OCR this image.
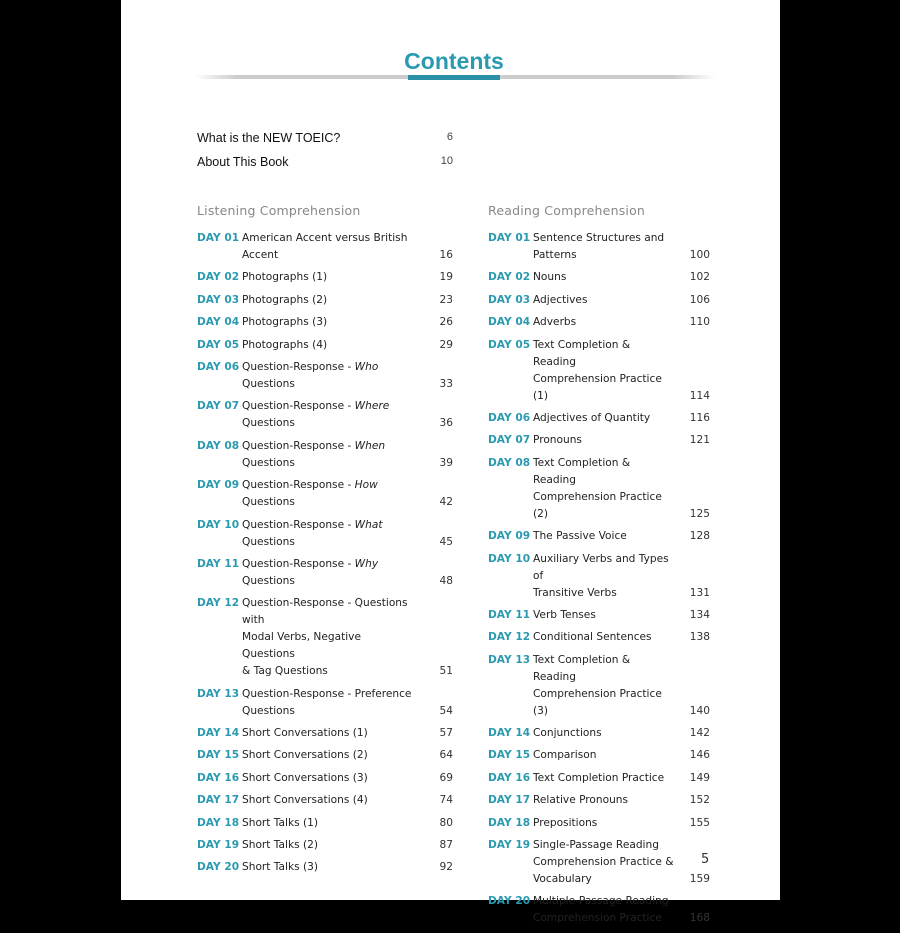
Contents
What is the NEW TOEIC?	6
About This Book	10
Listening Comprehension
DAY 01 American Accent versus British Accent	16
DAY 02 Photographs (1)	19
DAY 03 Photographs (2)	23
DAY 04 Photographs (3)	26
DAY 05 Photographs (4)	29
DAY 06 Question-Response - Who Questions	33
DAY 07 Question-Response - Where Questions	36
DAY 08 Question-Response - When Questions	39
DAY 09 Question-Response - How Questions	42
DAY 10 Question-Response - What Questions	45
DAY 11 Question-Response - Why Questions	48
DAY 12 Question-Response - Questions with
Modal Verbs, Negative Questions
& Tag Questions	51
DAY 13 Question-Response - Preference
Questions	54
DAY 14 Short Conversations (1)	57
DAY 15 Short Conversations (2)	64
DAY 16 Short Conversations (3)	69
DAY 17 Short Conversations (4)	74
DAY 18 Short Talks (1)	80
DAY 19 Short Talks (2)	87
DAY 20 Short Talks (3)	92
Reading Comprehension
DAY 01 Sentence Structures and
Patterns	100
DAY 02 Nouns	102
DAY 03 Adjectives	106
DAY 04 Adverbs	110
DAY 05 Text Completion & Reading
Comprehension Practice (1)	114
DAY 06 Adjectives of Quantity	116
DAY 07 Pronouns	121
DAY 08 Text Completion & Reading
Comprehension Practice (2)	125
DAY 09 The Passive Voice	128
DAY 10 Auxiliary Verbs and Types of
Transitive Verbs	131
DAY 11 Verb Tenses	134
DAY 12 Conditional Sentences	138
DAY 13 Text Completion & Reading
Comprehension Practice (3)	140
DAY 14 Conjunctions	142
DAY 15 Comparison	146
DAY 16 Text Completion Practice	149
DAY 17 Relative Pronouns	152
DAY 18 Prepositions	155
DAY 19 Single-Passage Reading
Comprehension Practice &
Vocabulary	159
DAY 20 Multiple-Passage Reading
Comprehension Practice	168
5
